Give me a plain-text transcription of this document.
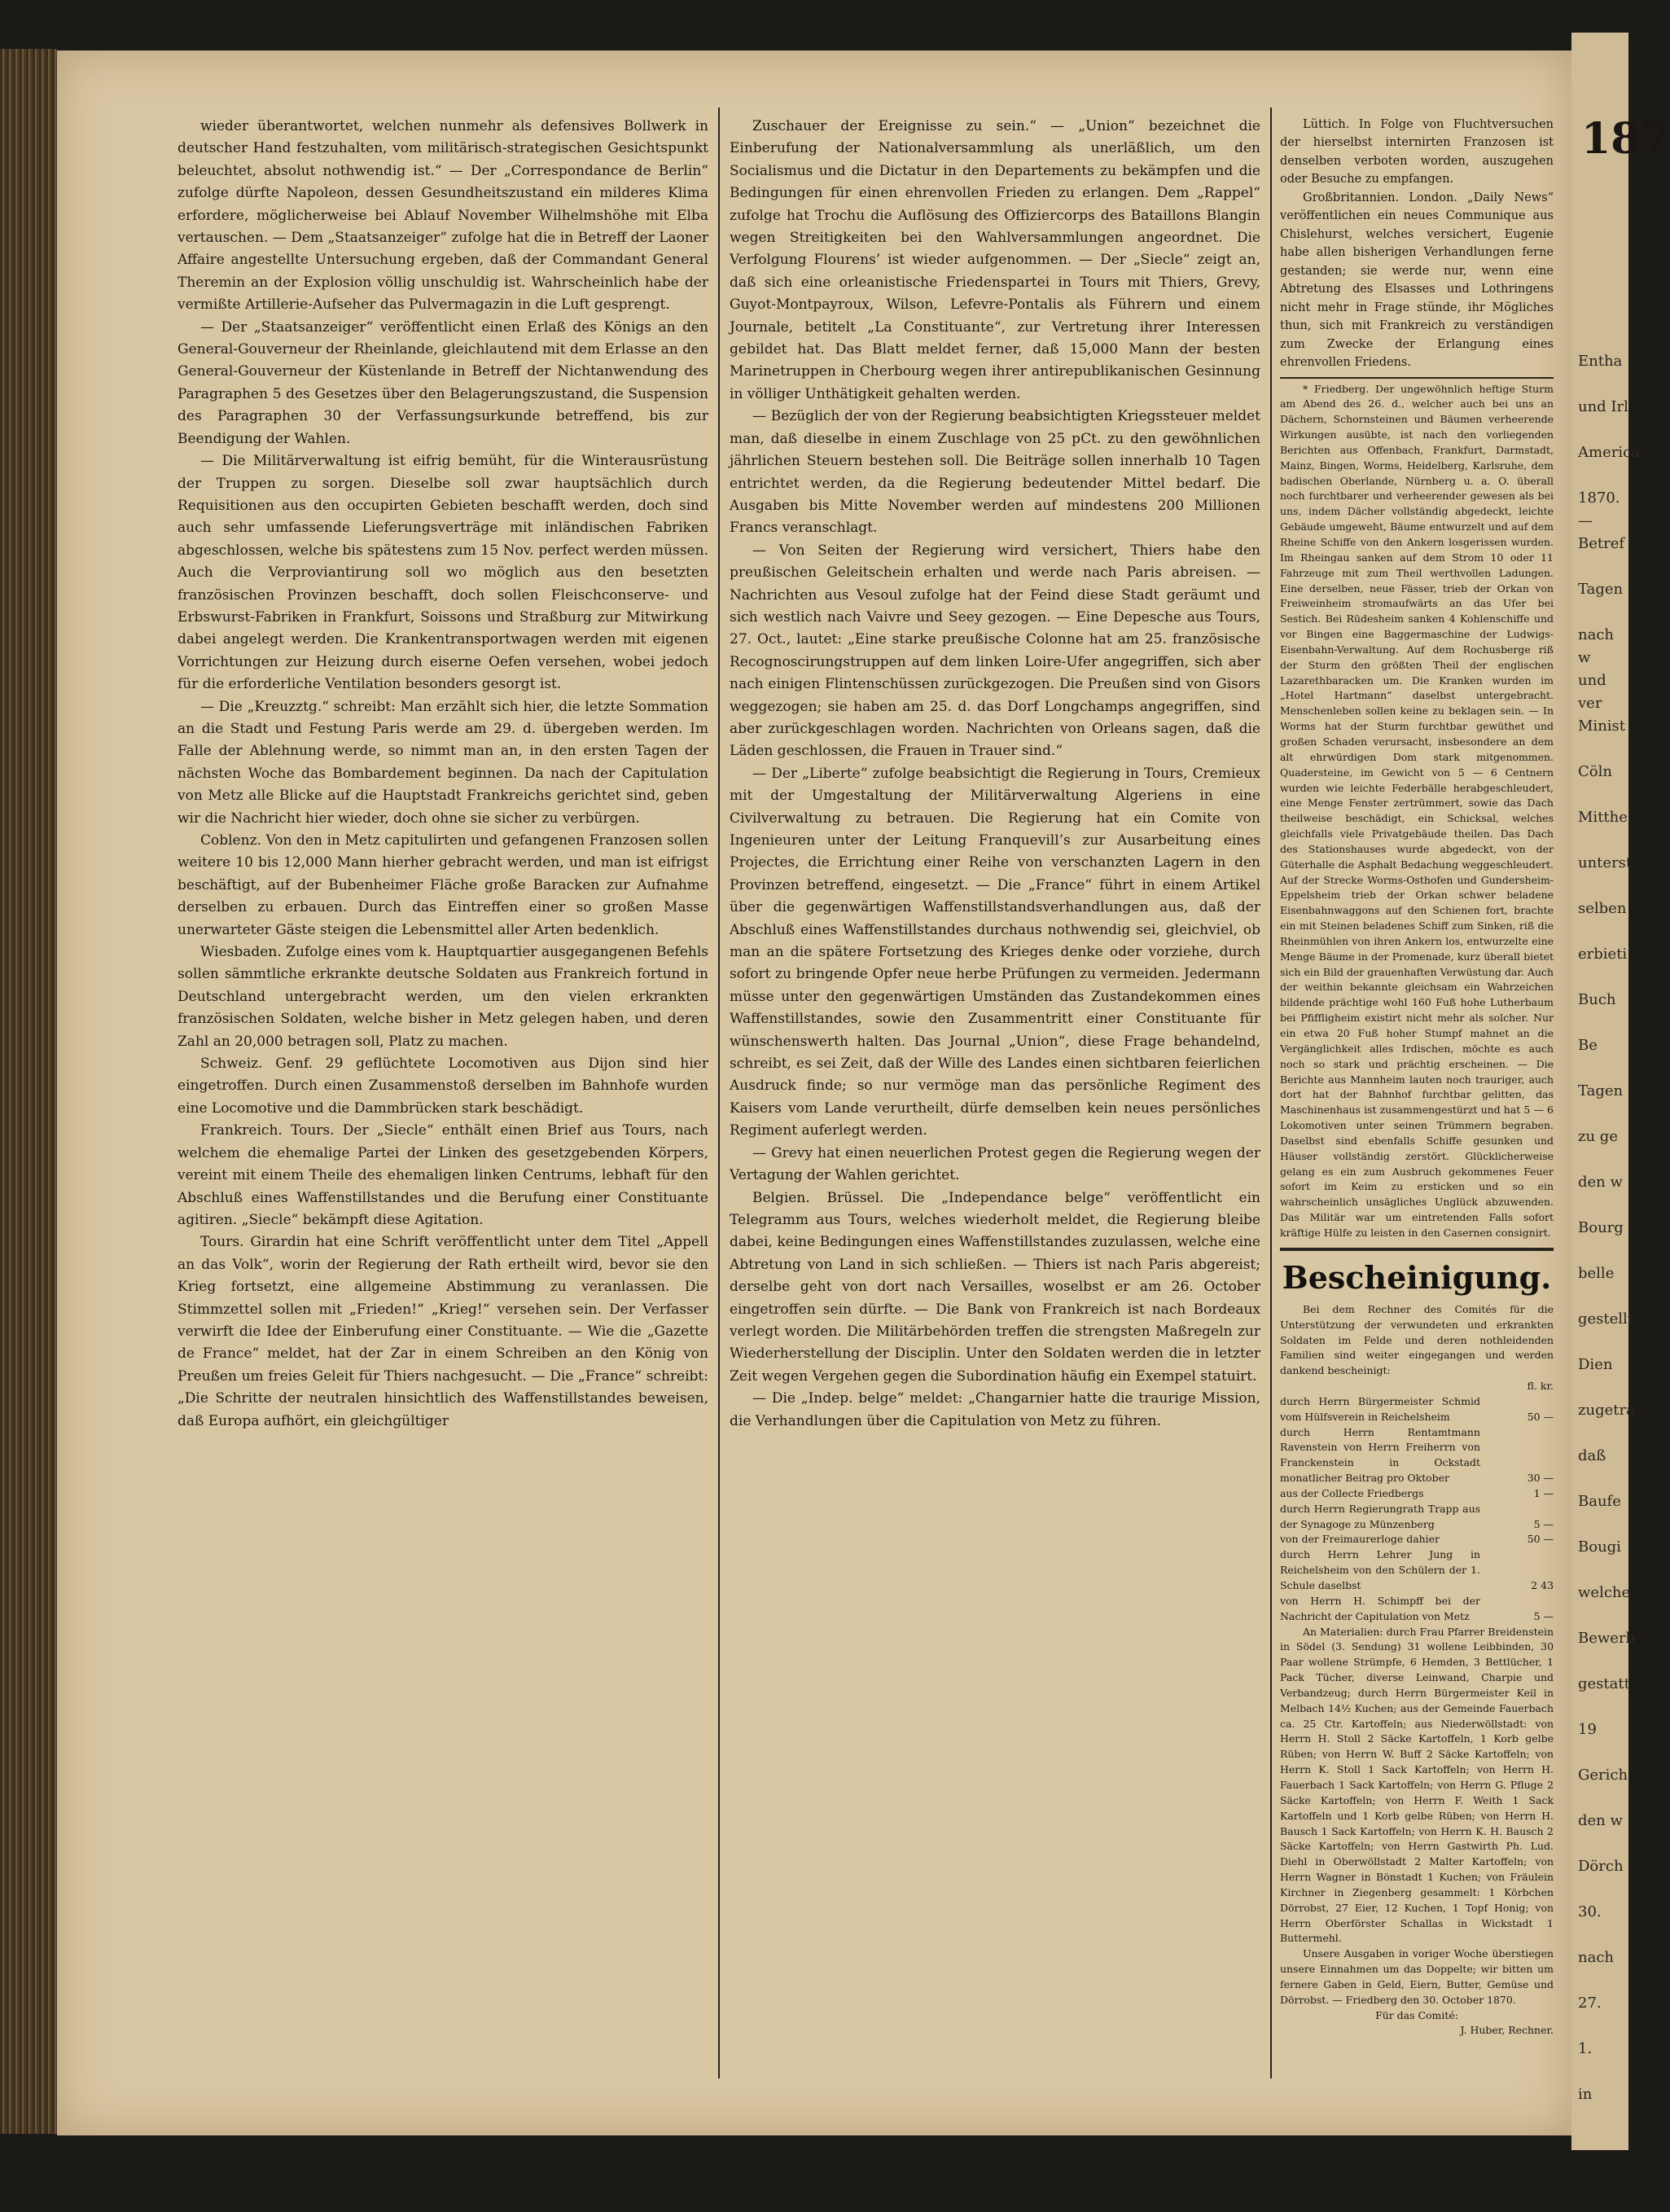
wieder überantwortet, welchen nunmehr als defensives Bollwerk in deutscher Hand festzuhalten, vom militärisch-strategischen Gesichtspunkt beleuchtet, absolut nothwendig ist.“ — Der „Correspondance de Berlin“ zufolge dürfte Napoleon, dessen Gesundheitszustand ein milderes Klima erfordere, möglicherweise bei Ablauf November Wilhelmshöhe mit Elba vertauschen. — Dem „Staatsanzeiger“ zufolge hat die in Betreff der Laoner Affaire angestellte Untersuchung ergeben, daß der Commandant General Theremin an der Explosion völlig unschuldig ist. Wahrscheinlich habe der vermißte Artillerie-Aufseher das Pulvermagazin in die Luft gesprengt.

— Der „Staatsanzeiger“ veröffentlicht einen Erlaß des Königs an den General-Gouverneur der Rheinlande, gleichlautend mit dem Erlasse an den General-Gouverneur der Küstenlande in Betreff der Nichtanwendung des Paragraphen 5 des Gesetzes über den Belagerungszustand, die Suspension des Paragraphen 30 der Verfassungsurkunde betreffend, bis zur Beendigung der Wahlen.

— Die Militärverwaltung ist eifrig bemüht, für die Winterausrüstung der Truppen zu sorgen. Dieselbe soll zwar hauptsächlich durch Requisitionen aus den occupirten Gebieten beschafft werden, doch sind auch sehr umfassende Lieferungsverträge mit inländischen Fabriken abgeschlossen, welche bis spätestens zum 15 Nov. perfect werden müssen. Auch die Verproviantirung soll wo möglich aus den besetzten französischen Provinzen beschafft, doch sollen Fleischconserve- und Erbswurst-Fabriken in Frankfurt, Soissons und Straßburg zur Mitwirkung dabei angelegt werden. Die Krankentransportwagen werden mit eigenen Vorrichtungen zur Heizung durch eiserne Oefen versehen, wobei jedoch für die erforderliche Ventilation besonders gesorgt ist.

— Die „Kreuzztg.“ schreibt: Man erzählt sich hier, die letzte Sommation an die Stadt und Festung Paris werde am 29. d. übergeben werden. Im Falle der Ablehnung werde, so nimmt man an, in den ersten Tagen der nächsten Woche das Bombardement beginnen. Da nach der Capitulation von Metz alle Blicke auf die Hauptstadt Frankreichs gerichtet sind, geben wir die Nachricht hier wieder, doch ohne sie sicher zu verbürgen.

Coblenz. Von den in Metz capitulirten und gefangenen Franzosen sollen weitere 10 bis 12,000 Mann hierher gebracht werden, und man ist eifrigst beschäftigt, auf der Bubenheimer Fläche große Baracken zur Aufnahme derselben zu erbauen. Durch das Eintreffen einer so großen Masse unerwarteter Gäste steigen die Lebensmittel aller Arten bedenklich.

Wiesbaden. Zufolge eines vom k. Hauptquartier ausgegangenen Befehls sollen sämmtliche erkrankte deutsche Soldaten aus Frankreich fortund in Deutschland untergebracht werden, um den vielen erkrankten französischen Soldaten, welche bisher in Metz gelegen haben, und deren Zahl an 20,000 betragen soll, Platz zu machen.

Schweiz. Genf. 29 geflüchtete Locomotiven aus Dijon sind hier eingetroffen. Durch einen Zusammenstoß derselben im Bahnhofe wurden eine Locomotive und die Dammbrücken stark beschädigt.

Frankreich. Tours. Der „Siecle“ enthält einen Brief aus Tours, nach welchem die ehemalige Partei der Linken des gesetzgebenden Körpers, vereint mit einem Theile des ehemaligen linken Centrums, lebhaft für den Abschluß eines Waffenstillstandes und die Berufung einer Constituante agitiren. „Siecle“ bekämpft diese Agitation.

Tours. Girardin hat eine Schrift veröffentlicht unter dem Titel „Appell an das Volk“, worin der Regierung der Rath ertheilt wird, bevor sie den Krieg fortsetzt, eine allgemeine Abstimmung zu veranlassen. Die Stimmzettel sollen mit „Frieden!“ „Krieg!“ versehen sein. Der Verfasser verwirft die Idee der Einberufung einer Constituante. — Wie die „Gazette de France“ meldet, hat der Zar in einem Schreiben an den König von Preußen um freies Geleit für Thiers nachgesucht. — Die „France“ schreibt: „Die Schritte der neutralen hinsichtlich des Waffenstillstandes beweisen, daß Europa aufhört, ein gleichgültiger

Zuschauer der Ereignisse zu sein.“ — „Union“ bezeichnet die Einberufung der Nationalversammlung als unerläßlich, um den Socialismus und die Dictatur in den Departements zu bekämpfen und die Bedingungen für einen ehrenvollen Frieden zu erlangen. Dem „Rappel“ zufolge hat Trochu die Auflösung des Offiziercorps des Bataillons Blangin wegen Streitigkeiten bei den Wahlversammlungen angeordnet. Die Verfolgung Flourens’ ist wieder aufgenommen. — Der „Siecle“ zeigt an, daß sich eine orleanistische Friedenspartei in Tours mit Thiers, Grevy, Guyot-Montpayroux, Wilson, Lefevre-Pontalis als Führern und einem Journale, betitelt „La Constituante“, zur Vertretung ihrer Interessen gebildet hat. Das Blatt meldet ferner, daß 15,000 Mann der besten Marinetruppen in Cherbourg wegen ihrer antirepublikanischen Gesinnung in völliger Unthätigkeit gehalten werden.

— Bezüglich der von der Regierung beabsichtigten Kriegssteuer meldet man, daß dieselbe in einem Zuschlage von 25 pCt. zu den gewöhnlichen jährlichen Steuern bestehen soll. Die Beiträge sollen innerhalb 10 Tagen entrichtet werden, da die Regierung bedeutender Mittel bedarf. Die Ausgaben bis Mitte November werden auf mindestens 200 Millionen Francs veranschlagt.

— Von Seiten der Regierung wird versichert, Thiers habe den preußischen Geleitschein erhalten und werde nach Paris abreisen. — Nachrichten aus Vesoul zufolge hat der Feind diese Stadt geräumt und sich westlich nach Vaivre und Seey gezogen. — Eine Depesche aus Tours, 27. Oct., lautet: „Eine starke preußische Colonne hat am 25. französische Recognoscirungstruppen auf dem linken Loire-Ufer angegriffen, sich aber nach einigen Flintenschüssen zurückgezogen. Die Preußen sind von Gisors weggezogen; sie haben am 25. d. das Dorf Longchamps angegriffen, sind aber zurückgeschlagen worden. Nachrichten von Orleans sagen, daß die Läden geschlossen, die Frauen in Trauer sind.“

— Der „Liberte“ zufolge beabsichtigt die Regierung in Tours, Cremieux mit der Umgestaltung der Militärverwaltung Algeriens in eine Civilverwaltung zu betrauen. Die Regierung hat ein Comite von Ingenieuren unter der Leitung Franquevill’s zur Ausarbeitung eines Projectes, die Errichtung einer Reihe von verschanzten Lagern in den Provinzen betreffend, eingesetzt. — Die „France“ führt in einem Artikel über die gegenwärtigen Waffenstillstandsverhandlungen aus, daß der Abschluß eines Waffenstillstandes durchaus nothwendig sei, gleichviel, ob man an die spätere Fortsetzung des Krieges denke oder vorziehe, durch sofort zu bringende Opfer neue herbe Prüfungen zu vermeiden. Jedermann müsse unter den gegenwärtigen Umständen das Zustandekommen eines Waffenstillstandes, sowie den Zusammentritt einer Constituante für wünschenswerth halten. Das Journal „Union“, diese Frage behandelnd, schreibt, es sei Zeit, daß der Wille des Landes einen sichtbaren feierlichen Ausdruck finde; so nur vermöge man das persönliche Regiment des Kaisers vom Lande verurtheilt, dürfe demselben kein neues persönliches Regiment auferlegt werden.

— Grevy hat einen neuerlichen Protest gegen die Regierung wegen der Vertagung der Wahlen gerichtet.

Belgien. Brüssel. Die „Independance belge“ veröffentlicht ein Telegramm aus Tours, welches wiederholt meldet, die Regierung bleibe dabei, keine Bedingungen eines Waffenstillstandes zuzulassen, welche eine Abtretung von Land in sich schließen. — Thiers ist nach Paris abgereist; derselbe geht von dort nach Versailles, woselbst er am 26. October eingetroffen sein dürfte. — Die Bank von Frankreich ist nach Bordeaux verlegt worden. Die Militärbehörden treffen die strengsten Maßregeln zur Wiederherstellung der Disciplin. Unter den Soldaten werden die in letzter Zeit wegen Vergehen gegen die Subordination häufig ein Exempel statuirt.

— Die „Indep. belge“ meldet: „Changarnier hatte die traurige Mission, die Verhandlungen über die Capitulation von Metz zu führen.

Lüttich. In Folge von Fluchtversuchen der hierselbst internirten Franzosen ist denselben verboten worden, auszugehen oder Besuche zu empfangen.

Großbritannien. London. „Daily News“ veröffentlichen ein neues Communique aus Chislehurst, welches versichert, Eugenie habe allen bisherigen Verhandlungen ferne gestanden; sie werde nur, wenn eine Abtretung des Elsasses und Lothringens nicht mehr in Frage stünde, ihr Mögliches thun, sich mit Frankreich zu verständigen zum Zwecke der Erlangung eines ehrenvollen Friedens.

* Friedberg. Der ungewöhnlich heftige Sturm am Abend des 26. d., welcher auch bei uns an Dächern, Schornsteinen und Bäumen verheerende Wirkungen ausübte, ist nach den vorliegenden Berichten aus Offenbach, Frankfurt, Darmstadt, Mainz, Bingen, Worms, Heidelberg, Karlsruhe, dem badischen Oberlande, Nürnberg u. a. O. überall noch furchtbarer und verheerender gewesen als bei uns, indem Dächer vollständig abgedeckt, leichte Gebäude umgeweht, Bäume entwurzelt und auf dem Rheine Schiffe von den Ankern losgerissen wurden. Im Rheingau sanken auf dem Strom 10 oder 11 Fahrzeuge mit zum Theil werthvollen Ladungen. Eine derselben, neue Fässer, trieb der Orkan von Freiweinheim stromaufwärts an das Ufer bei Sestich. Bei Rüdesheim sanken 4 Kohlenschiffe und vor Bingen eine Baggermaschine der Ludwigs-Eisenbahn-Verwaltung. Auf dem Rochusberge riß der Sturm den größten Theil der englischen Lazarethbaracken um. Die Kranken wurden im „Hotel Hartmann“ daselbst untergebracht. Menschenleben sollen keine zu beklagen sein. — In Worms hat der Sturm furchtbar gewüthet und großen Schaden verursacht, insbesondere an dem alt ehrwürdigen Dom stark mitgenommen. Quadersteine, im Gewicht von 5 — 6 Centnern wurden wie leichte Federbälle herabgeschleudert, eine Menge Fenster zertrümmert, sowie das Dach theilweise beschädigt, ein Schicksal, welches gleichfalls viele Privatgebäude theilen. Das Dach des Stationshauses wurde abgedeckt, von der Güterhalle die Asphalt Bedachung weggeschleudert. Auf der Strecke Worms-Osthofen und Gundersheim-Eppelsheim trieb der Orkan schwer beladene Eisenbahnwaggons auf den Schienen fort, brachte ein mit Steinen beladenes Schiff zum Sinken, riß die Rheinmühlen von ihren Ankern los, entwurzelte eine Menge Bäume in der Promenade, kurz überall bietet sich ein Bild der grauenhaften Verwüstung dar. Auch der weithin bekannte gleichsam ein Wahrzeichen bildende prächtige wohl 160 Fuß hohe Lutherbaum bei Pfiffligheim existirt nicht mehr als solcher. Nur ein etwa 20 Fuß hoher Stumpf mahnet an die Vergänglichkeit alles Irdischen, möchte es auch noch so stark und prächtig erscheinen. — Die Berichte aus Mannheim lauten noch trauriger, auch dort hat der Bahnhof furchtbar gelitten, das Maschinenhaus ist zusammengestürzt und hat 5 — 6 Lokomotiven unter seinen Trümmern begraben. Daselbst sind ebenfalls Schiffe gesunken und Häuser vollständig zerstört. Glücklicherweise gelang es ein zum Ausbruch gekommenes Feuer sofort im Keim zu ersticken und so ein wahrscheinlich unsägliches Unglück abzuwenden. Das Militär war um eintretenden Falls sofort kräftige Hülfe zu leisten in den Casernen consignirt.

Bescheinigung.

Bei dem Rechner des Comités für die Unterstützung der verwundeten und erkrankten Soldaten im Felde und deren nothleidenden Familien sind weiter eingegangen und werden dankend bescheinigt:

fl. kr.
durch Herrn Bürgermeister Schmid vom Hülfsverein in Reichelsheim	50 —
durch Herrn Rentamtmann Ravenstein von Herrn Freiherrn von Franckenstein in Ockstadt monatlicher Beitrag pro Oktober	30 —
aus der Collecte Friedbergs	1 —
durch Herrn Regierungrath Trapp aus der Synagoge zu Münzenberg	5 —
von der Freimaurerloge dahier	50 —
durch Herrn Lehrer Jung in Reichelsheim von den Schülern der 1. Schule daselbst	2 43
von Herrn H. Schimpff bei der Nachricht der Capitulation von Metz	5 —

An Materialien: durch Frau Pfarrer Breidenstein in Södel (3. Sendung) 31 wollene Leibbinden, 30 Paar wollene Strümpfe, 6 Hemden, 3 Bettlücher, 1 Pack Tücher, diverse Leinwand, Charpie und Verbandzeug; durch Herrn Bürgermeister Keil in Melbach 14½ Kuchen; aus der Gemeinde Fauerbach ca. 25 Ctr. Kartoffeln; aus Niederwöllstadt: von Herrn H. Stoll 2 Säcke Kartoffeln, 1 Korb gelbe Rüben; von Herrn W. Buff 2 Säcke Kartoffeln; von Herrn K. Stoll 1 Sack Kartoffeln; von Herrn H. Fauerbach 1 Sack Kartoffeln; von Herrn G. Pfluge 2 Säcke Kartoffeln; von Herrn F. Weith 1 Sack Kartoffeln und 1 Korb gelbe Rüben; von Herrn H. Bausch 1 Sack Kartoffeln; von Herrn K. H. Bausch 2 Säcke Kartoffeln; von Herrn Gastwirth Ph. Lud. Diehl in Oberwöllstadt 2 Malter Kartoffeln; von Herrn Wagner in Bönstadt 1 Kuchen; von Fräulein Kirchner in Ziegenberg gesammelt: 1 Körbchen Dörrobst, 27 Eier, 12 Kuchen, 1 Topf Honig; von Herrn Oberförster Schallas in Wickstadt 1 Buttermehl.

Unsere Ausgaben in voriger Woche überstiegen unsere Einnahmen um das Doppelte; wir bitten um fernere Gaben in Geld, Eiern, Butter, Gemüse und Dörrobst. — Friedberg den 30. October 1870.

Für das Comité:
J. Huber, Rechner.
187
Entha
und Irl
America
1870. —
Betref
Tagen
nach w
und ver
Minist
Cöln
Mitthe
unterst
selben
erbieti
Buch
Be
Tagen
zu ge
den w
Bourg
belle
gestellt
Dien
zugetra
daß
Baufe
Bougi
welche
Bewerb
gestatt
19
Gerich
den w
Dörch
30.
nach
27.
1.
in
